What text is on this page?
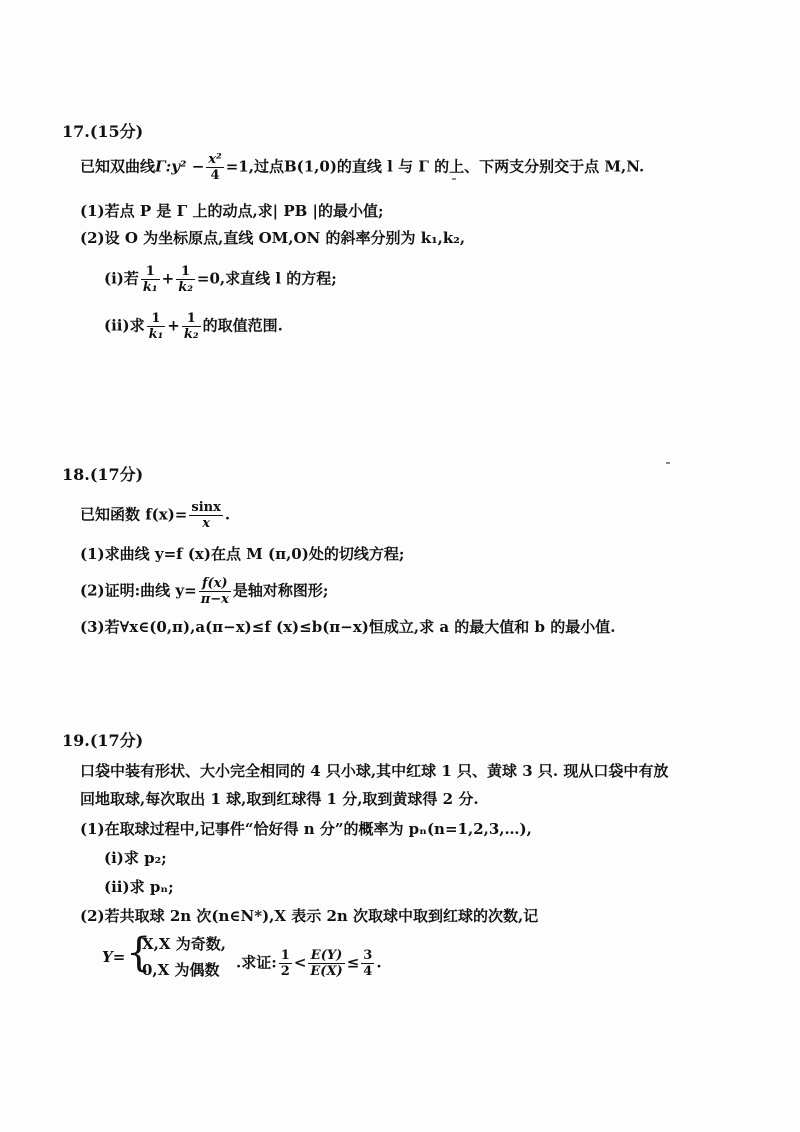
17.(15分)
已知双曲线Γ:y² − $\frac{\text{x²}}{4} =1$,过点B(1,0)的直线 l 与 Γ 的上、下两支分别交于点 M,N.
(1)若点 P 是 Γ 上的动点,求| PB |的最小值;
(2)设 O 为坐标原点,直线 OM,ON 的斜率分别为 k₁,k₂,
(i)若 $\frac{1}{\text{k₁}} + \frac{1}{\text{k₂}} =0$,求直线 l 的方程;
(ii)求 $\frac{1}{\text{k₁}} + \frac{1}{\text{k₂}}$ 的取值范围.
18.(17分)
已知函数 $f(x)= \frac{\sin x}{x}$ .
(1)求曲线 y=f (x)在点 M (π,0)处的切线方程;
(2)证明:曲线 $y= \frac{f(x)}{\pi-x}$ 是轴对称图形;
(3)若∀x∈(0,π),a(π−x)≤f (x)≤b(π−x)恒成立,求 a 的最大值和 b 的最小值.
19.(17分)
口袋中装有形状、大小完全相同的 4 只小球,其中红球 1 只、黄球 3 只. 现从口袋中有放
回地取球,每次取出 1 球,取到红球得 1 分,取到黄球得 2 分.
(1)在取球过程中,记事件“恰好得 n 分”的概率为 pₙ(n=1,2,3,…),
(i)求 p₂;
(ii)求 pₙ;
(2)若共取球 2n 次(n∈N*),X 表示 2n 次取球中取到红球的次数,记
Y= {
X,X 为奇数,
0,X 为偶数 .求证: $\frac{1}{2} < \frac{E(Y)}{E(X)} \le \frac{3}{4}$ .
